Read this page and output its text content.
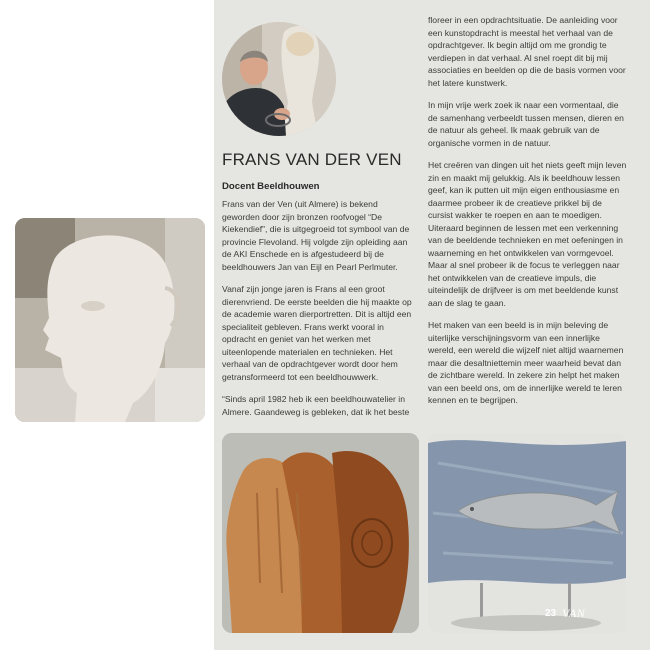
FRANS VAN DER VEN
Docent Beeldhouwen

Frans van der Ven (uit Almere) is bekend geworden door zijn bronzen roofvogel “De Kiekendief”, die is uitgegroeid tot symbool van de provincie Flevoland. Hij volgde zijn opleiding aan de AKI Enschede en is afgestudeerd bij de beeldhouwers Jan van Eijl en Pearl Perlmuter.

Vanaf zijn jonge jaren is Frans al een groot dierenvriend. De eerste beelden die hij maakte op de academie waren dierportretten. Dit is altijd een specialiteit gebleven. Frans werkt vooral in opdracht en geniet van het werken met uiteenlopende materialen en technieken. Het verhaal van de opdrachtgever wordt door hem getransformeerd tot een beeldhouwwerk.

“Sinds april 1982 heb ik een beeldhouwatelier in Almere. Gaandeweg is gebleken, dat ik het beste

floreer in een opdrachtsituatie. De aanleiding voor een kunstopdracht is meestal het verhaal van de opdrachtgever. Ik begin altijd om me grondig te verdiepen in dat verhaal. Al snel roept dit bij mij associaties en beelden op die de basis vormen voor het latere kunstwerk.

In mijn vrije werk zoek ik naar een vormentaal, die de samenhang verbeeldt tussen mensen, dieren en de natuur als geheel. Ik maak gebruik van de organische vormen in de natuur.

Het creëren van dingen uit het niets geeft mijn leven zin en maakt mij gelukkig. Als ik beeldhouw lessen geef, kan ik putten uit mijn eigen enthousiasme en daarmee probeer ik de creatieve prikkel bij de cursist wakker te roepen en aan te moedigen. Uiteraard beginnen de lessen met een verkenning van de beeldende technieken en met oefeningen in waarneming en het ontwikkelen van vormgevoel. Maar al snel probeer ik de focus te verleggen naar het ontwikkelen van de creatieve impuls, die uiteindelijk de drijfveer is om met beeldende kunst aan de slag te gaan.

Het maken van een beeld is in mijn beleving de uiterlijke verschijningsvorm van een innerlijke wereld, een wereld die wijzelf niet altijd waarnemen maar die desaltniettemin meer waarheid bevat dan de zichtbare wereld. In zekere zin helpt het maken van een beeld ons, om de innerlijke wereld te leren kennen en te begrijpen.

23 VAN
